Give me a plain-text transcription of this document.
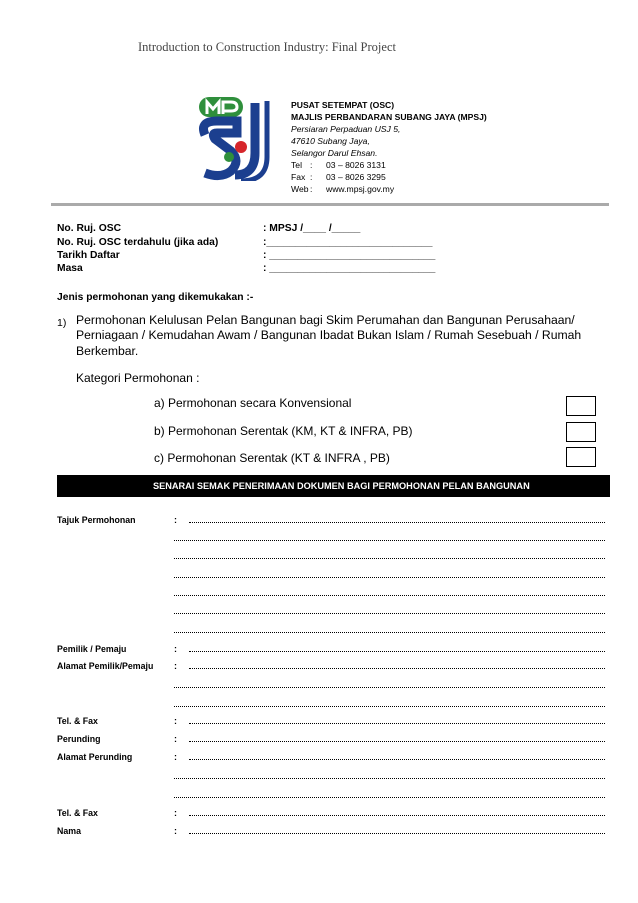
Introduction to Construction Industry: Final Project
PUSAT SETEMPAT (OSC)
MAJLIS PERBANDARAN SUBANG JAYA (MPSJ)
Persiaran Perpaduan USJ 5,
47610 Subang Jaya,
Selangor Darul Ehsan.
Tel :	03 – 8026 3131
Fax :	03 – 8026 3295
Web :	www.mpsj.gov.my
No. Ruj. OSC	: MPSJ /____ /_____
No. Ruj. OSC terdahulu (jika ada)	:_____________________________
Tarikh Daftar	: _____________________________
Masa	: _____________________________
Jenis permohonan yang dikemukakan :-
1) Permohonan Kelulusan Pelan Bangunan bagi Skim Perumahan dan Bangunan Perusahaan/ Perniagaan / Kemudahan Awam / Bangunan Ibadat Bukan Islam / Rumah Sesebuah / Rumah Berkembar.
Kategori Permohonan :
a) Permohonan secara Konvensional
b) Permohonan Serentak (KM, KT & INFRA, PB)
c) Permohonan Serentak (KT & INFRA , PB)
SENARAI SEMAK PENERIMAAN DOKUMEN BAGI PERMOHONAN PELAN BANGUNAN
Tajuk Permohonan	:
Pemilik / Pemaju	:
Alamat Pemilik/Pemaju :
Tel. & Fax	:
Perunding	:
Alamat Perunding	:
Tel. & Fax	:
Nama	:
